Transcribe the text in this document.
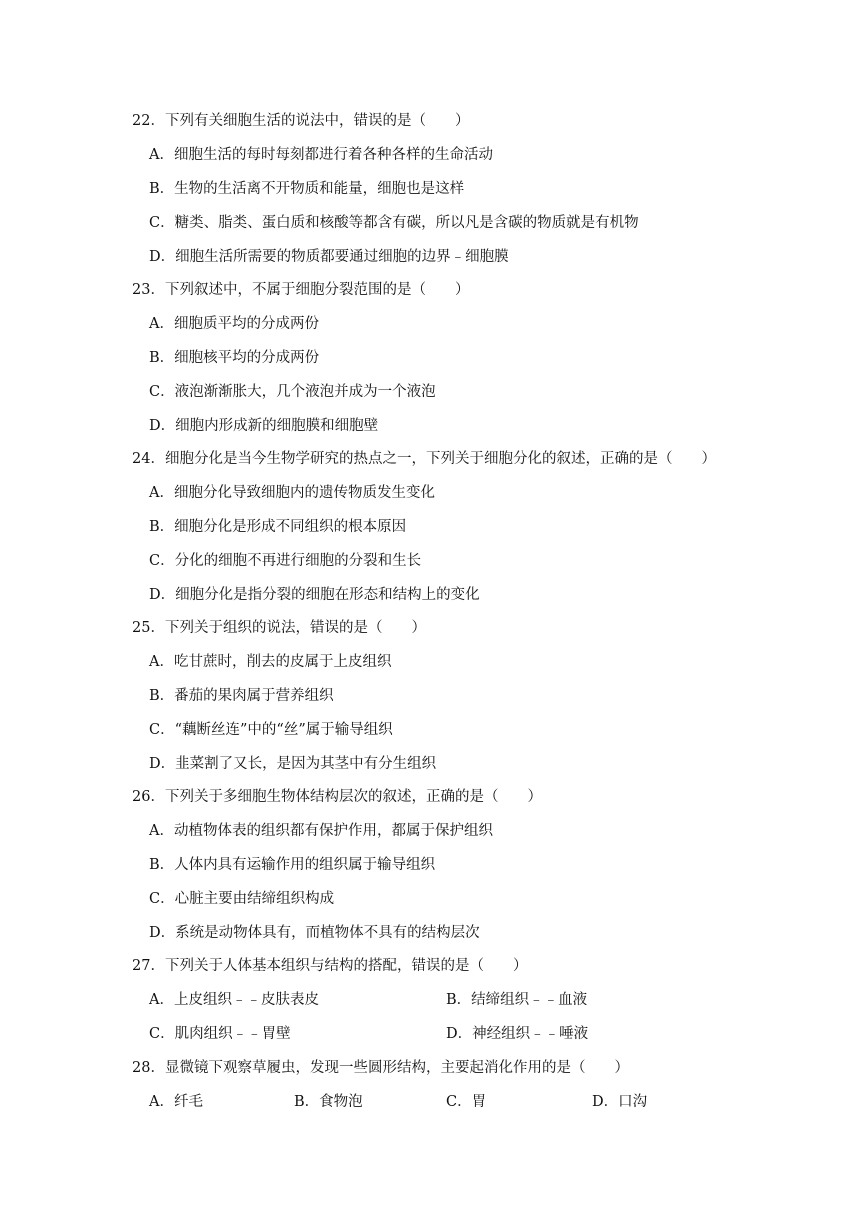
22．下列有关细胞生活的说法中，错误的是（　　）
A．细胞生活的每时每刻都进行着各种各样的生命活动
B．生物的生活离不开物质和能量，细胞也是这样
C．糖类、脂类、蛋白质和核酸等都含有碳，所以凡是含碳的物质就是有机物
D．细胞生活所需要的物质都要通过细胞的边界﹣细胞膜
23．下列叙述中，不属于细胞分裂范围的是（　　）
A．细胞质平均的分成两份
B．细胞核平均的分成两份
C．液泡渐渐胀大，几个液泡并成为一个液泡
D．细胞内形成新的细胞膜和细胞壁
24．细胞分化是当今生物学研究的热点之一，下列关于细胞分化的叙述，正确的是（　　）
A．细胞分化导致细胞内的遗传物质发生变化
B．细胞分化是形成不同组织的根本原因
C．分化的细胞不再进行细胞的分裂和生长
D．细胞分化是指分裂的细胞在形态和结构上的变化
25．下列关于组织的说法，错误的是（　　）
A．吃甘蔗时，削去的皮属于上皮组织
B．番茄的果肉属于营养组织
C．“藕断丝连”中的“丝”属于输导组织
D．韭菜割了又长，是因为其茎中有分生组织
26．下列关于多细胞生物体结构层次的叙述，正确的是（　　）
A．动植物体表的组织都有保护作用，都属于保护组织
B．人体内具有运输作用的组织属于输导组织
C．心脏主要由结缔组织构成
D．系统是动物体具有，而植物体不具有的结构层次
27．下列关于人体基本组织与结构的搭配，错误的是（　　）
A．上皮组织﹣﹣皮肤表皮	B．结缔组织﹣﹣血液
C．肌肉组织﹣﹣胃壁	D．神经组织﹣﹣唾液
28．显微镜下观察草履虫，发现一些圆形结构，主要起消化作用的是（　　）
A．纤毛	B．食物泡	C．胃	D．口沟
